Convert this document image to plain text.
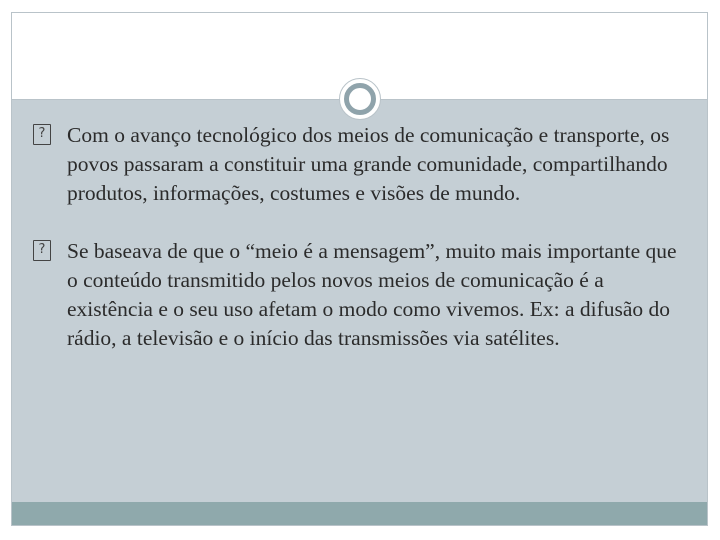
? Com o avanço tecnológico dos meios de comunicação e transporte, os povos passaram a constituir uma grande comunidade, compartilhando produtos, informações, costumes e visões de mundo.
? Se baseava de que o “meio é a mensagem”, muito mais importante que o conteúdo transmitido pelos novos meios de comunicação é a existência e o seu uso afetam o modo como vivemos. Ex: a difusão do rádio, a televisão e o início das transmissões via satélites.
